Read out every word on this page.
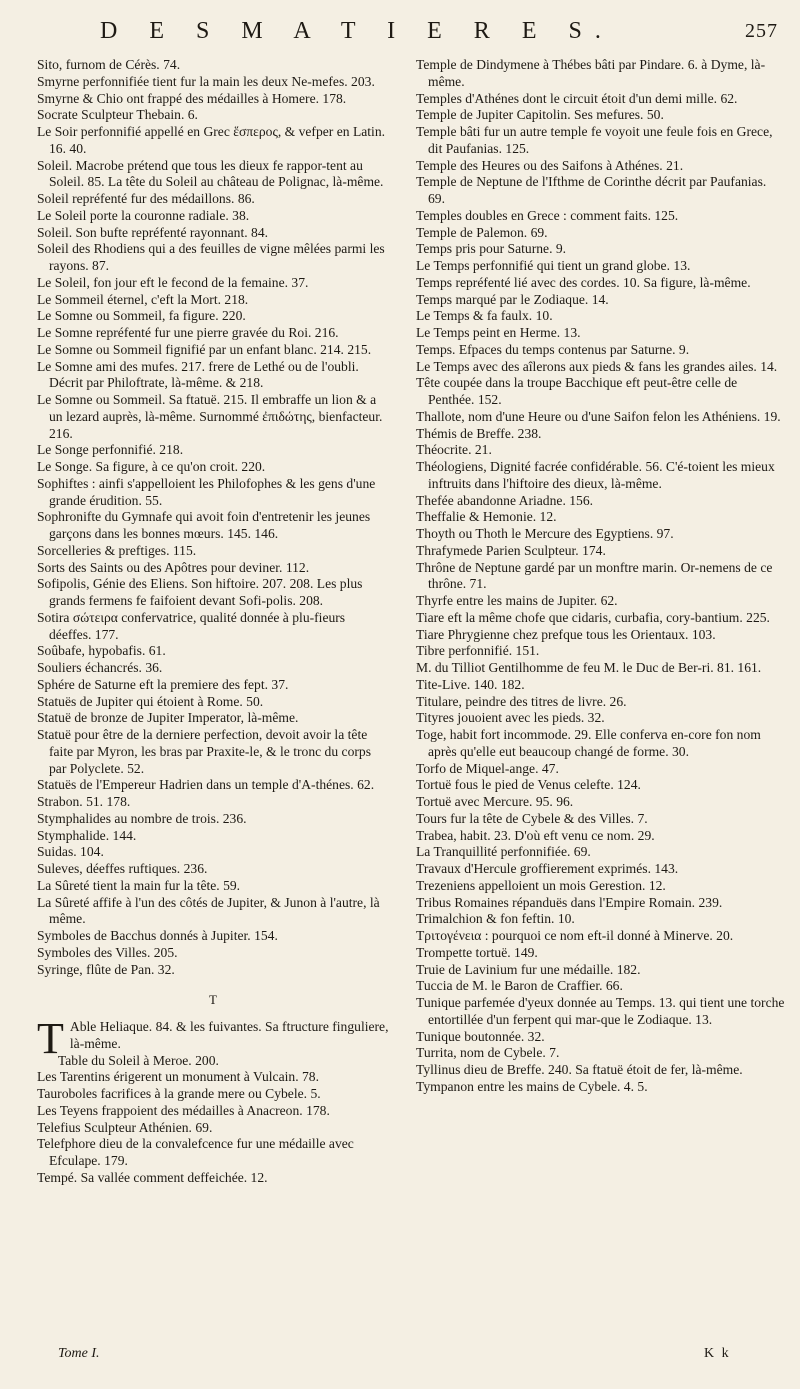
D E S M A T I E R E S.	257

Sito, furnom de Cérès. 74.

Smyrne perfonnifiée tient fur la main les deux Ne-mefes. 203.

Smyrne & Chio ont frappé des médailles à Homere. 178.

Socrate Sculpteur Thebain. 6.

Le Soir perfonnifié appellé en Grec ἕσπερος, & vefper en Latin. 16. 40.

Soleil. Macrobe prétend que tous les dieux fe rappor-tent au Soleil. 85. La tête du Soleil au château de Polignac, là-même.

Soleil repréfenté fur des médaillons. 86.

Le Soleil porte la couronne radiale. 38.

Soleil. Son bufte repréfenté rayonnant. 84.

Soleil des Rhodiens qui a des feuilles de vigne mêlées parmi les rayons. 87.

Le Soleil, fon jour eft le fecond de la femaine. 37.

Le Sommeil éternel, c'eft la Mort. 218.

Le Somne ou Sommeil, fa figure. 220.

Le Somne repréfenté fur une pierre gravée du Roi. 216.

Le Somne ou Sommeil fignifié par un enfant blanc. 214. 215.

Le Somne ami des mufes. 217. frere de Lethé ou de l'oubli. Décrit par Philoftrate, là-même. & 218.

Le Somne ou Sommeil. Sa ftatuë. 215. Il embraffe un lion & a un lezard auprès, là-même. Surnommé ἐπιδώτης, bienfacteur. 216.

Le Songe perfonnifié. 218.

Le Songe. Sa figure, à ce qu'on croit. 220.

Sophiftes : ainfi s'appelloient les Philofophes & les gens d'une grande érudition. 55.

Sophronifte du Gymnafe qui avoit foin d'entretenir les jeunes garçons dans les bonnes mœurs. 145. 146.

Sorcelleries & preftiges. 115.

Sorts des Saints ou des Apôtres pour deviner. 112.

Sofipolis, Génie des Eliens. Son hiftoire. 207. 208. Les plus grands fermens fe faifoient devant Sofi-polis. 208.

Sotira σώτειρα confervatrice, qualité donnée à plu-fieurs déeffes. 177.

Soûbafe, hypobafis. 61.

Souliers échancrés. 36.

Sphére de Saturne eft la premiere des fept. 37.

Statuës de Jupiter qui étoient à Rome. 50.

Statuë de bronze de Jupiter Imperator, là-même.

Statuë pour être de la derniere perfection, devoit avoir la tête faite par Myron, les bras par Praxite-le, & le tronc du corps par Polyclete. 52.

Statuës de l'Empereur Hadrien dans un temple d'A-thénes. 62.

Strabon. 51. 178.

Stymphalides au nombre de trois. 236.

Stymphalide. 144.

Suidas. 104.

Suleves, déeffes ruftiques. 236.

La Sûreté tient la main fur la tête. 59.

La Sûreté affife à l'un des côtés de Jupiter, & Junon à l'autre, là même.

Symboles de Bacchus donnés à Jupiter. 154.

Symboles des Villes. 205.

Syringe, flûte de Pan. 32.

T

T Able Heliaque. 84. & les fuivantes. Sa ftructure finguliere, là-même.

Table du Soleil à Meroe. 200.

Les Tarentins érigerent un monument à Vulcain. 78.

Tauroboles facrifices à la grande mere ou Cybele. 5.

Les Teyens frappoient des médailles à Anacreon. 178.

Telefius Sculpteur Athénien. 69.

Telefphore dieu de la convalefcence fur une médaille avec Efculape. 179.

Tempé. Sa vallée comment deffeichée. 12.

Temple de Dindymene à Thébes bâti par Pindare. 6. à Dyme, là-même.

Temples d'Athénes dont le circuit étoit d'un demi mille. 62.

Temple de Jupiter Capitolin. Ses mefures. 50.

Temple bâti fur un autre temple fe voyoit une feule fois en Grece, dit Paufanias. 125.

Temple des Heures ou des Saifons à Athénes. 21.

Temple de Neptune de l'Ifthme de Corinthe décrit par Paufanias. 69.

Temples doubles en Grece : comment faits. 125.

Temple de Palemon. 69.

Temps pris pour Saturne. 9.

Le Temps perfonnifié qui tient un grand globe. 13.

Temps repréfenté lié avec des cordes. 10. Sa figure, là-même.

Temps marqué par le Zodiaque. 14.

Le Temps & fa faulx. 10.

Le Temps peint en Herme. 13.

Temps. Efpaces du temps contenus par Saturne. 9.

Le Temps avec des aîlerons aux pieds & fans les grandes ailes. 14.

Tête coupée dans la troupe Bacchique eft peut-être celle de Penthée. 152.

Thallote, nom d'une Heure ou d'une Saifon felon les Athéniens. 19.

Thémis de Breffe. 238.

Théocrite. 21.

Théologiens, Dignité facrée confidérable. 56. C'é-toient les mieux inftruits dans l'hiftoire des dieux, là-même.

Thefée abandonne Ariadne. 156.

Theffalie & Hemonie. 12.

Thoyth ou Thoth le Mercure des Egyptiens. 97.

Thrafymede Parien Sculpteur. 174.

Thrône de Neptune gardé par un monftre marin. Or-nemens de ce thrône. 71.

Thyrfe entre les mains de Jupiter. 62.

Tiare eft la même chofe que cidaris, curbafia, cory-bantium. 225.

Tiare Phrygienne chez prefque tous les Orientaux. 103.

Tibre perfonnifié. 151.

M. du Tilliot Gentilhomme de feu M. le Duc de Ber-ri. 81. 161.

Tite-Live. 140. 182.

Titulare, peindre des titres de livre. 26.

Tityres jouoient avec les pieds. 32.

Toge, habit fort incommode. 29. Elle conferva en-core fon nom après qu'elle eut beaucoup changé de forme. 30.

Torfo de Miquel-ange. 47.

Tortuë fous le pied de Venus celefte. 124.

Tortuë avec Mercure. 95. 96.

Tours fur la tête de Cybele & des Villes. 7.

Trabea, habit. 23. D'où eft venu ce nom. 29.

La Tranquillité perfonnifiée. 69.

Travaux d'Hercule groffierement exprimés. 143.

Trezeniens appelloient un mois Gerestion. 12.

Tribus Romaines répanduës dans l'Empire Romain. 239.

Trimalchion & fon feftin. 10.

Τριτογένεια : pourquoi ce nom eft-il donné à Minerve. 20.

Trompette tortuë. 149.

Truie de Lavinium fur une médaille. 182.

Tuccia de M. le Baron de Craffier. 66.

Tunique parfemée d'yeux donnée au Temps. 13. qui tient une torche entortillée d'un ferpent qui mar-que le Zodiaque. 13.

Tunique boutonnée. 32.

Turrita, nom de Cybele. 7.

Tyllinus dieu de Breffe. 240. Sa ftatuë étoit de fer, là-même.

Tympanon entre les mains de Cybele. 4. 5.

Tome I.	K k
